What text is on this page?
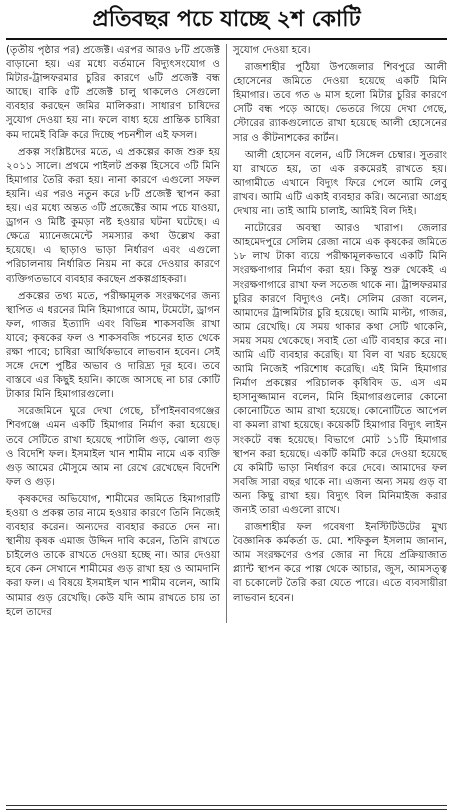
প্রতিবছর পচে যাচ্ছে ২শ কোটি

(তৃতীয় পৃষ্ঠার পর) প্রজেক্ট। এরপর আরও ৮টি প্রজেক্ট বাড়ানো হয়। এর মধ্যে বর্তমানে বিদ্যুৎসংযোগ ও মিটার-ট্রান্সফরমার চুরির কারণে ৬টি প্রজেক্ট বন্ধ আছে। বাকি ৫টি প্রজেক্ট চালু থাকলেও সেগুলো ব্যবহার করছেন জমির মালিকরা। সাধারণ চাষিদের সুযোগ দেওয়া হয় না। ফলে বাধ্য হয়ে প্রান্তিক চাষিরা কম দামেই বিক্রি করে দিচ্ছে পচনশীল এই ফসল।

প্রকল্প সংশ্লিষ্টদের মতে, এ প্রকল্পের কাজ শুরু হয় ২০১১ সালে। প্রথমে পাইলট প্রকল্প হিসেবে ৩টি মিনি হিমাগার তৈরি করা হয়। নানা কারণে এগুলো সফল হয়নি। এর পরও নতুন করে ৮টি প্রজেক্ট স্থাপন করা হয়। এর মধ্যে অন্তত ৩টি প্রজেক্টের আম পচে যাওয়া, ড্রাগন ও মিষ্টি কুমড়া নষ্ট হওয়ার ঘটনা ঘটেছে। এ ক্ষেত্রে ম্যানেজমেন্টে সমস্যার কথা উল্লেখ করা হয়েছে। এ ছাড়াও ভাড়া নির্ধারণ এবং এগুলো পরিচালনায় নির্ধারিত নিয়ম না করে দেওয়ার কারণে ব্যক্তিগতভাবে ব্যবহার করছেন প্রকল্পগ্রাহকরা।

প্রকল্পের তথ্য মতে, পরীক্ষামূলক সংরক্ষণের জন্য স্থাপিত এ ধরনের মিনি হিমাগারে আম, টমেটো, ড্রাগন ফল, গাজর ইত্যাদি এবং বিভিন্ন শাকসবজি রাখা যাবে; কৃষকের ফল ও শাকসবজি পচনের হাত থেকে রক্ষা পাবে; চাষিরা আর্থিকভাবে লাভবান হবেন। সেই সঙ্গে দেশে পুষ্টির অভাব ও দারিদ্র্য দূর হবে। তবে বাস্তবে এর কিছুই হয়নি। কাজে আসছে না চার কোটি টাকার মিনি হিমাগারগুলো।

সরেজমিনে ঘুরে দেখা গেছে, চাঁপাইনবাবগঞ্জের শিবগঞ্জে এমন একটি হিমাগার নির্মাণ করা হয়েছে। তবে সেটিতে রাখা হয়েছে পাটালি গুড়, ঝোলা গুড় ও বিদেশি ফল। ইসমাইল খান শামীম নামে এক ব্যক্তি গুড় আমের মৌসুমে আম না রেখে রেখেছেন বিদেশি ফল ও গুড়।

কৃষকদের অভিযোগ, শামীমের জমিতে হিমাগারটি হওয়া ও প্রকল্প তার নামে হওয়ার কারণে তিনি নিজেই ব্যবহার করেন। অন্যদের ব্যবহার করতে দেন না। স্থানীয় কৃষক এমাজ উদ্দিন দাবি করেন, তিনি রাখতে চাইলেও তাকে রাখতে দেওয়া হচ্ছে না। আর দেওয়া হবে কেন সেখানে শামীমের গুড় রাখা হয় ও আমদানি করা ফল। এ বিষয়ে ইসমাইল খান শামীম বলেন, আমি আমার গুড় রেখেছি। কেউ যদি আম রাখতে চায় তা হলে তাদের

সুযোগ দেওয়া হবে।

রাজশাহীর পুঠিয়া উপজেলার শিবপুরে আলী হোসেনের জমিতে দেওয়া হয়েছে একটি মিনি হিমাগার। তবে গত ৬ মাস হলো মিটার চুরির কারণে সেটি বন্ধ পড়ে আছে। ভেতরে গিয়ে দেখা গেছে, স্টোরের র‍্যাকগুলোতে রাখা হয়েছে আলী হোসেনের সার ও কীটনাশকের কার্টন।

আলী হোসেন বলেন, এটি সিঙ্গেল চেম্বার। সুতরাং যা রাখতে হয়, তা এক রকমেরই রাখতে হয়। আগামীতে এখানে বিদ্যুৎ ফিরে পেলে আমি লেবু রাখব। আমি এটি একাই ব্যবহার করি। অন্যেরা আগ্রহ দেখায় না। তাই আমি চালাই, আমিই বিল দিই।

নাটোরের অবস্থা আরও খারাপ। জেলার আহমেদপুরে সেলিম রেজা নামে এক কৃষকের জমিতে ১৮ লাখ টাকা ব্যয়ে পরীক্ষামূলকভাবে একটি মিনি সংরক্ষণাগার নির্মাণ করা হয়। কিন্তু শুরু থেকেই এ সংরক্ষণাগারে রাখা ফল সতেজ থাকে না। ট্রান্সফরমার চুরির কারণে বিদ্যুৎও নেই। সেলিম রেজা বলেন, আমাদের ট্রান্সমিটার চুরি হয়েছে। আমি মাল্টা, গাজর, আম রেখেছি। যে সময় থাকার কথা সেটি থাকেনি, সময় সময় থেকেছে। সবাই তো এটি ব্যবহার করে না। আমি এটি ব্যবহার করেছি। যা বিল বা খরচ হয়েছে আমি নিজেই পরিশোধ করেছি। এই মিনি হিমাগার নির্মাণ প্রকল্পের পরিচালক কৃষিবিদ ড. এস এম হাসানুজ্জামান বলেন, মিনি হিমাগারগুলোর কোনো কোনোটিতে আম রাখা হয়েছে। কোনোটিতে আপেল বা কমলা রাখা হয়েছে। কয়েকটি হিমাগার বিদ্যুৎ লাইন সংকটে বন্ধ হয়েছে। বিভাগে মোট ১১টি হিমাগার স্থাপন করা হয়েছে। একটি কমিটি করে দেওয়া হয়েছে যে কমিটি ভাড়া নির্ধারণ করে দেবে। আমাদের ফল সবজি সারা বছর থাকে না। এজন্য অন্য সময় গুড় বা অন্য কিছু রাখা হয়। বিদ্যুৎ বিল মিনিমাইজ করার জন্যই তারা এগুলো রাখে।

রাজশাহীর ফল গবেষণা ইনস্টিটিউটের মুখ্য বৈজ্ঞানিক কর্মকর্তা ড. মো. শফিকুল ইসলাম জানান, আম সংরক্ষণের ওপর জোর না দিয়ে প্রক্রিয়াজাত প্ল্যান্ট স্থাপন করে পাল্প থেকে আচার, জুস, আমসত্ত্ব বা চকোলেট তৈরি করা যেতে পারে। এতে ব্যবসায়ীরা লাভবান হবেন।
